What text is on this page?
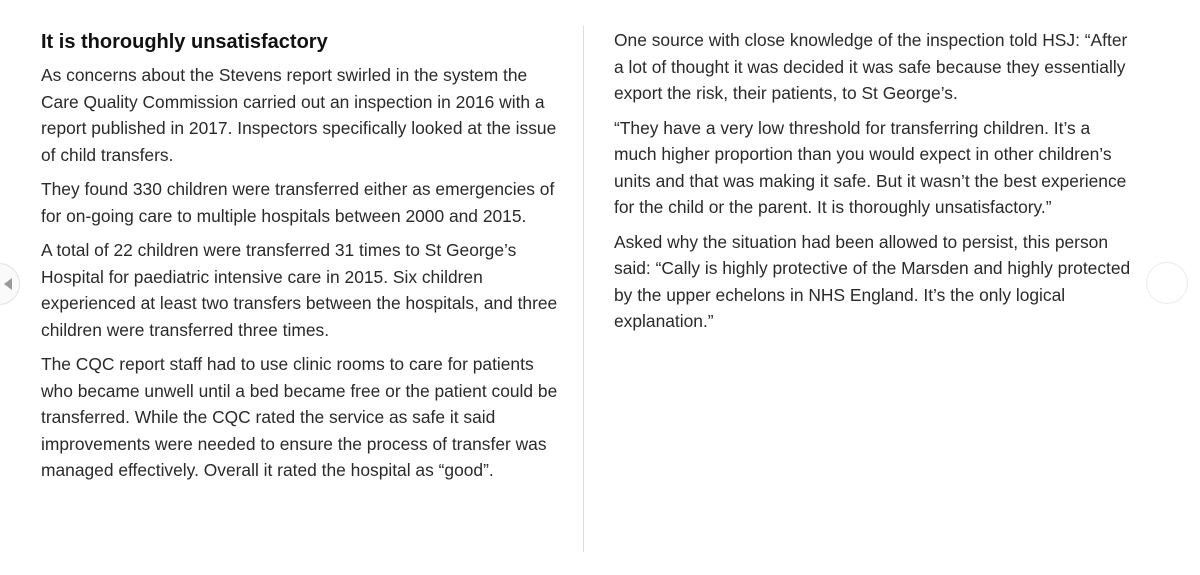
It is thoroughly unsatisfactory

As concerns about the Stevens report swirled in the system the Care Quality Commission carried out an inspection in 2016 with a report published in 2017. Inspectors specifically looked at the issue of child transfers.

They found 330 children were transferred either as emergencies of for on-going care to multiple hospitals between 2000 and 2015.

A total of 22 children were transferred 31 times to St George’s Hospital for paediatric intensive care in 2015. Six children experienced at least two transfers between the hospitals, and three children were transferred three times.

The CQC report staff had to use clinic rooms to care for patients who became unwell until a bed became free or the patient could be transferred. While the CQC rated the service as safe it said improvements were needed to ensure the process of transfer was managed effectively. Overall it rated the hospital as “good”.

One source with close knowledge of the inspection told HSJ: “After a lot of thought it was decided it was safe because they essentially export the risk, their patients, to St George’s.

“They have a very low threshold for transferring children. It’s a much higher proportion than you would expect in other children’s units and that was making it safe. But it wasn’t the best experience for the child or the parent. It is thoroughly unsatisfactory.”

Asked why the situation had been allowed to persist, this person said: “Cally is highly protective of the Marsden and highly protected by the upper echelons in NHS England. It’s the only logical explanation.”
